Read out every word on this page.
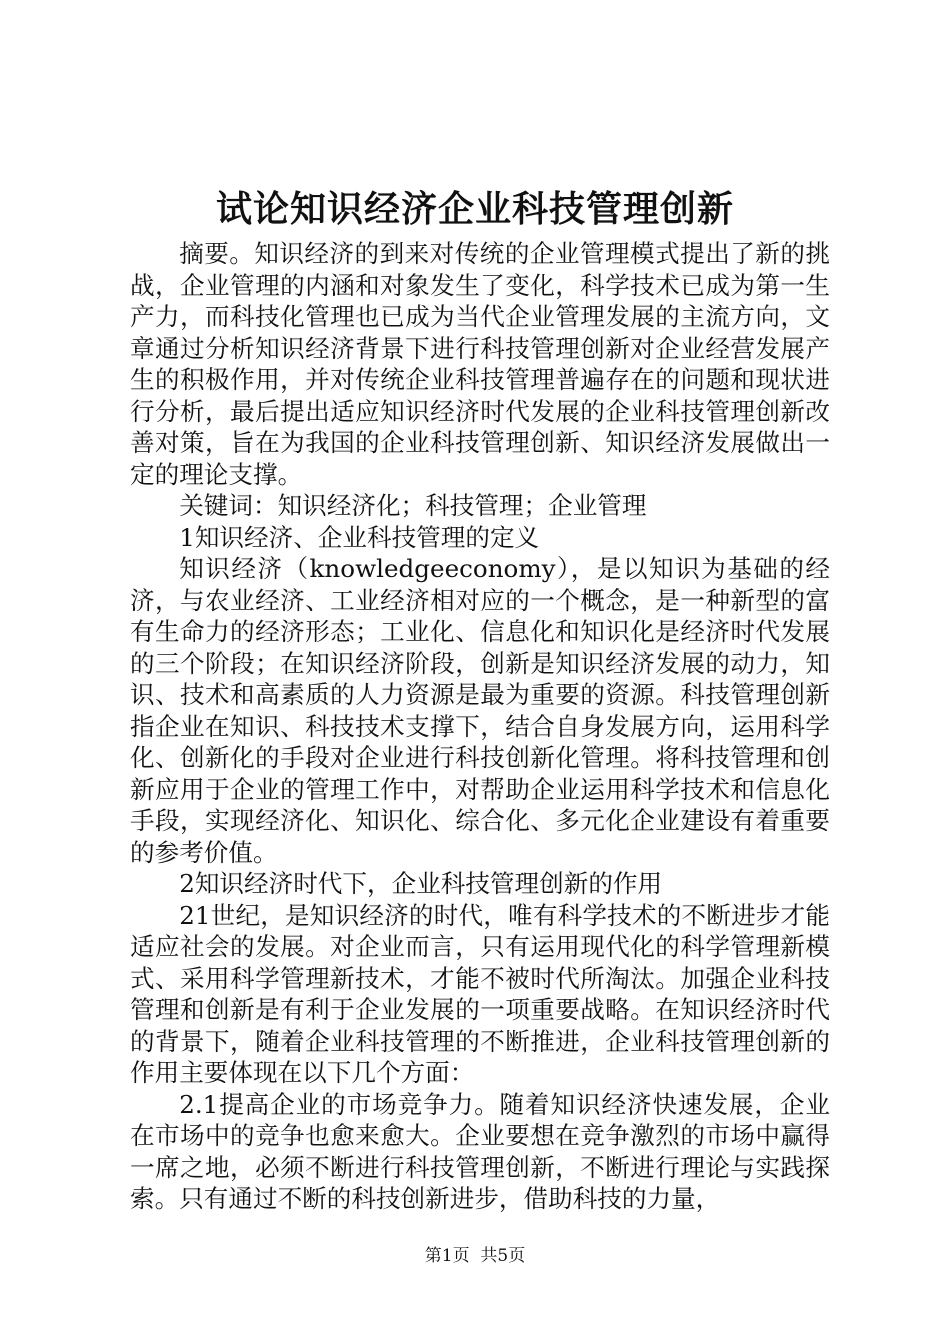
试论知识经济企业科技管理创新

摘要。知识经济的到来对传统的企业管理模式提出了新的挑战，企业管理的内涵和对象发生了变化，科学技术已成为第一生产力，而科技化管理也已成为当代企业管理发展的主流方向，文章通过分析知识经济背景下进行科技管理创新对企业经营发展产生的积极作用，并对传统企业科技管理普遍存在的问题和现状进行分析，最后提出适应知识经济时代发展的企业科技管理创新改善对策，旨在为我国的企业科技管理创新、知识经济发展做出一定的理论支撑。

关键词：知识经济化；科技管理；企业管理

1知识经济、企业科技管理的定义

知识经济（knowledgeeconomy），是以知识为基础的经济，与农业经济、工业经济相对应的一个概念，是一种新型的富有生命力的经济形态；工业化、信息化和知识化是经济时代发展的三个阶段；在知识经济阶段，创新是知识经济发展的动力，知识、技术和高素质的人力资源是最为重要的资源。科技管理创新指企业在知识、科技技术支撑下，结合自身发展方向，运用科学化、创新化的手段对企业进行科技创新化管理。将科技管理和创新应用于企业的管理工作中，对帮助企业运用科学技术和信息化手段，实现经济化、知识化、综合化、多元化企业建设有着重要的参考价值。

2知识经济时代下，企业科技管理创新的作用

21世纪，是知识经济的时代，唯有科学技术的不断进步才能适应社会的发展。对企业而言，只有运用现代化的科学管理新模式、采用科学管理新技术，才能不被时代所淘汰。加强企业科技管理和创新是有利于企业发展的一项重要战略。在知识经济时代的背景下，随着企业科技管理的不断推进，企业科技管理创新的作用主要体现在以下几个方面：

2.1提高企业的市场竞争力。随着知识经济快速发展，企业在市场中的竞争也愈来愈大。企业要想在竞争激烈的市场中赢得一席之地，必须不断进行科技管理创新，不断进行理论与实践探索。只有通过不断的科技创新进步，借助科技的力量，

第1页 共5页
